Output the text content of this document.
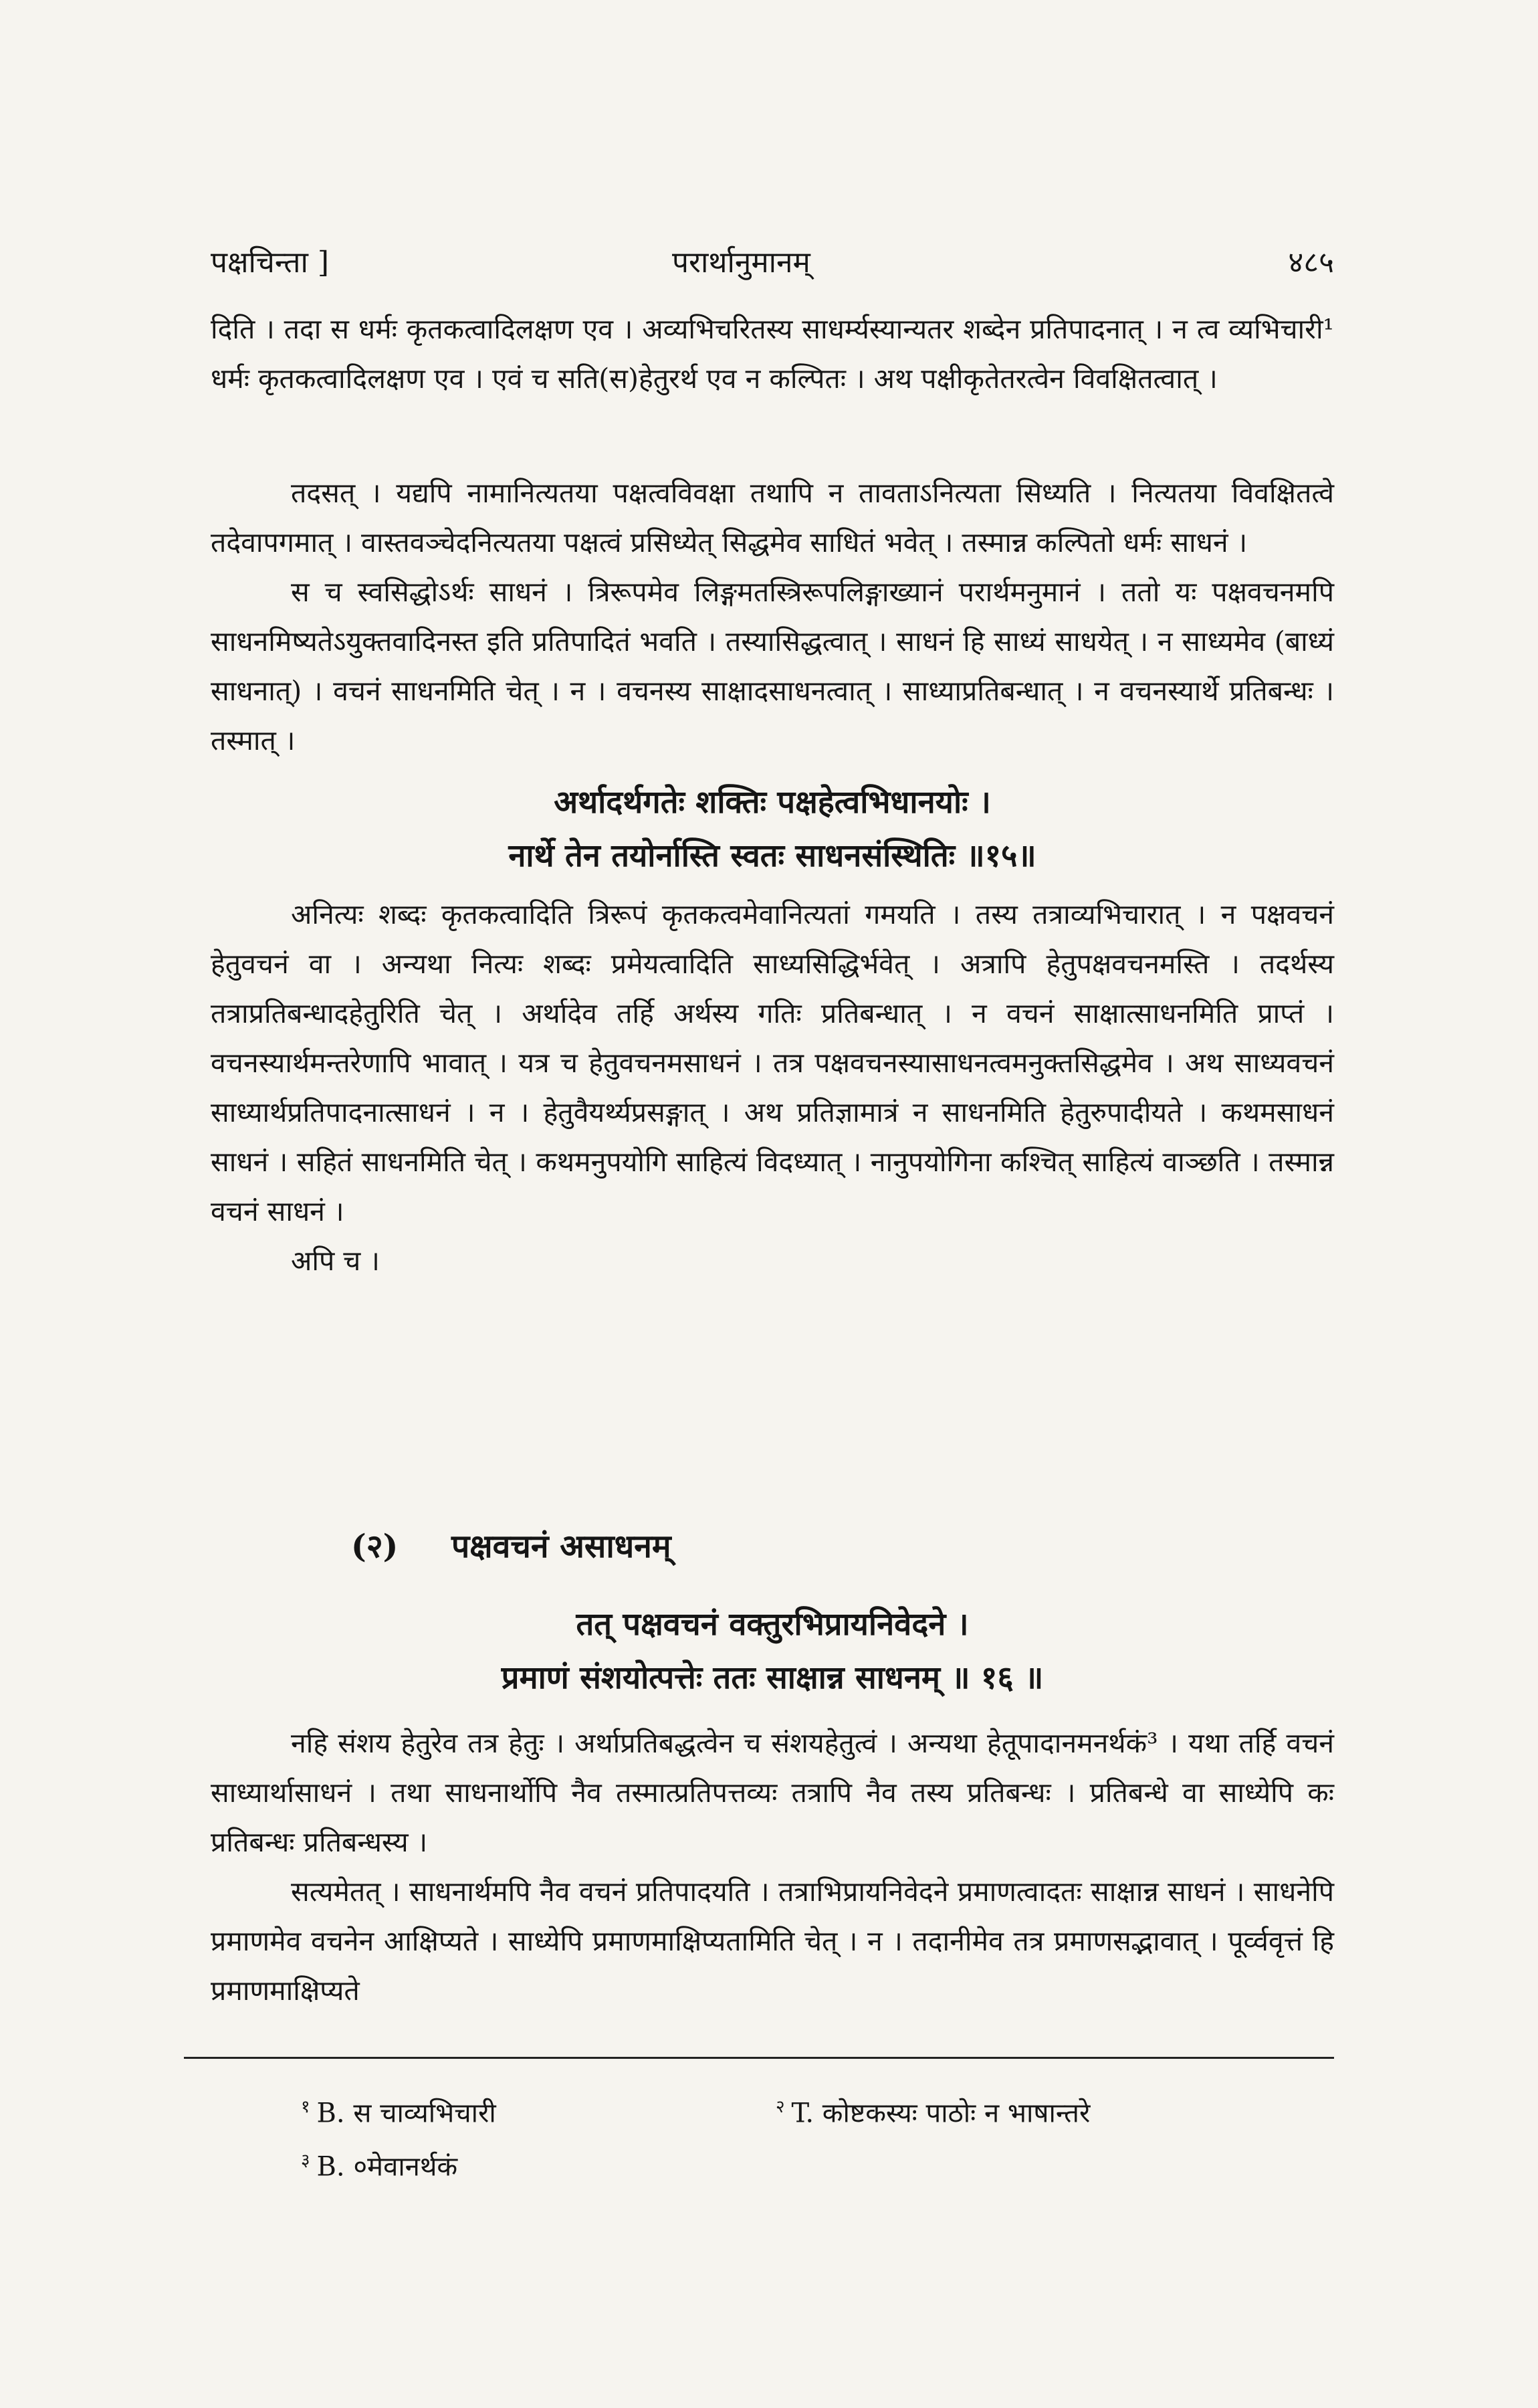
पक्षचिन्ता ]	परार्थानुमानम्	४८५

दिति । तदा स धर्मः कृतकत्वादिलक्षण एव । अव्यभिचरितस्य साधर्म्यस्यान्यतर शब्देन प्रतिपादनात् । न त्व व्यभिचारी¹ धर्मः कृतकत्वादिलक्षण एव । एवं च सति(स)हेतुरर्थ एव न कल्पितः । अथ पक्षीकृतेतरत्वेन विवक्षितत्वात् ।

तदसत् । यद्यपि नामानित्यतया पक्षत्वविवक्षा तथापि न तावताऽनित्यता सिध्यति । नित्यतया विवक्षितत्वे तदेवापगमात् । वास्तवञ्चेदनित्यतया पक्षत्वं प्रसिध्येत् सिद्धमेव साधितं भवेत् । तस्मान्न कल्पितो धर्मः साधनं ।

स च स्वसिद्धोऽर्थः साधनं । त्रिरूपमेव लिङ्गमतस्त्रिरूपलिङ्गाख्यानं परार्थमनुमानं । ततो यः पक्षवचनमपि साधनमिष्यतेऽयुक्तवादिनस्त इति प्रतिपादितं भवति । तस्यासिद्धत्वात् । साधनं हि साध्यं साधयेत् । न साध्यमेव (बाध्यं साधनात्) । वचनं साधनमिति चेत् । न । वचनस्य साक्षादसाधनत्वात् । साध्याप्रतिबन्धात् । न वचनस्यार्थे प्रतिबन्धः । तस्मात् ।

अर्थादर्थगतेः शक्तिः पक्षहेत्वभिधानयोः ।

नार्थे तेन तयोर्नास्ति स्वतः साधनसंस्थितिः ॥१५॥

अनित्यः शब्दः कृतकत्वादिति त्रिरूपं कृतकत्वमेवानित्यतां गमयति । तस्य तत्राव्यभिचारात् । न पक्षवचनं हेतुवचनं वा । अन्यथा नित्यः शब्दः प्रमेयत्वादिति साध्यसिद्धिर्भवेत् । अत्रापि हेतुपक्षवचनमस्ति । तदर्थस्य तत्राप्रतिबन्धादहेतुरिति चेत् । अर्थादेव तर्हि अर्थस्य गतिः प्रतिबन्धात् । न वचनं साक्षात्साधनमिति प्राप्तं । वचनस्यार्थमन्तरेणापि भावात् । यत्र च हेतुवचनमसाधनं । तत्र पक्षवचनस्यासाधनत्वमनुक्तसिद्धमेव । अथ साध्यवचनं साध्यार्थप्रतिपादनात्साधनं । न । हेतुवैयर्थ्यप्रसङ्गात् । अथ प्रतिज्ञामात्रं न साधनमिति हेतुरुपादीयते । कथमसाधनं साधनं । सहितं साधनमिति चेत् । कथमनुपयोगि साहित्यं विदध्यात् । नानुपयोगिना कश्चित् साहित्यं वाञ्छति । तस्मान्न वचनं साधनं ।

अपि च ।

(२) पक्षवचनं असाधनम्

तत् पक्षवचनं वक्तुरभिप्रायनिवेदने ।

प्रमाणं संशयोत्पत्तेः ततः साक्षान्न साधनम् ॥ १६ ॥

नहि संशय हेतुरेव तत्र हेतुः । अर्थाप्रतिबद्धत्वेन च संशयहेतुत्वं । अन्यथा हेतूपादानमनर्थकं³ । यथा तर्हि वचनं साध्यार्थासाधनं । तथा साधनार्थोपि नैव तस्मात्प्रतिपत्तव्यः तत्रापि नैव तस्य प्रतिबन्धः । प्रतिबन्धे वा साध्येपि कः प्रतिबन्धः प्रतिबन्धस्य ।

सत्यमेतत् । साधनार्थमपि नैव वचनं प्रतिपादयति । तत्राभिप्रायनिवेदने प्रमाणत्वादतः साक्षान्न साधनं । साधनेपि प्रमाणमेव वचनेन आक्षिप्यते । साध्येपि प्रमाणमाक्षिप्यतामिति चेत् । न । तदानीमेव तत्र प्रमाणसद्भावात् । पूर्व्ववृत्तं हि प्रमाणमाक्षिप्यते

$^१$ B. स चाव्यभिचारी	$^२$ T. कोष्टकस्यः पाठोः न भाषान्तरे
$^३$ B. ०मेवानर्थकं
